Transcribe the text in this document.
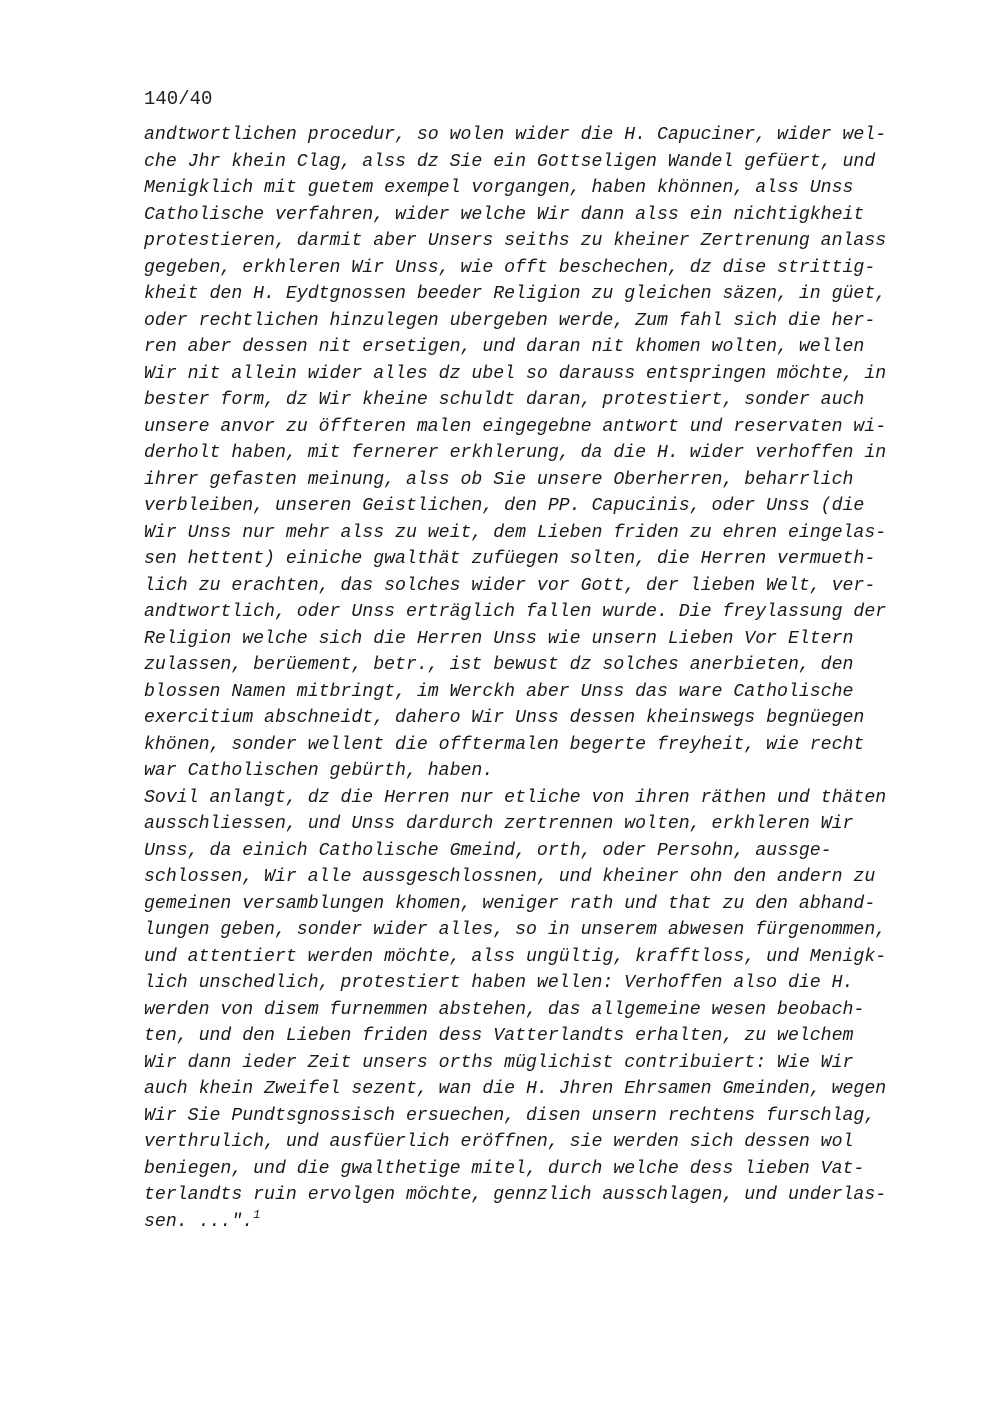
140/40
andtwortlichen procedur, so wolen wider die H. Capuciner, wider wel-
che Jhr khein Clag, alss dz Sie ein Gottseligen Wandel gefüert, und
Menigklich mit guetem exempel vorgangen, haben khönnen, alss Unss
Catholische verfahren, wider welche Wir dann alss ein nichtigkheit
protestieren, darmit aber Unsers seiths zu kheiner Zertrenung anlass
gegeben, erkhleren Wir Unss, wie offt beschechen, dz dise strittig-
kheit den H. Eydtgnossen beeder Religion zu gleichen säzen, in güet,
oder rechtlichen hinzulegen ubergeben werde, Zum fahl sich die her-
ren aber dessen nit ersetigen, und daran nit khomen wolten, wellen
Wir nit allein wider alles dz ubel so darauss entspringen möchte, in
bester form, dz Wir kheine schuldt daran, protestiert, sonder auch
unsere anvor zu öffteren malen eingegebne antwort und reservaten wi-
derholt haben, mit fernerer erkhlerung, da die H. wider verhoffen in
ihrer gefasten meinung, alss ob Sie unsere Oberherren, beharrlich
verbleiben, unseren Geistlichen, den PP. Capucinis, oder Unss (die
Wir Unss nur mehr alss zu weit, dem Lieben friden zu ehren eingelas-
sen hettent) einiche gwalthät zufüegen solten, die Herren vermueth-
lich zu erachten, das solches wider vor Gott, der lieben Welt, ver-
andtwortlich, oder Unss erträglich fallen wurde. Die freylassung der
Religion welche sich die Herren Unss wie unsern Lieben Vor Eltern
zulassen, berüement, betr., ist bewust dz solches anerbieten, den
blossen Namen mitbringt, im Werckh aber Unss das ware Catholische
exercitium abschneidt, dahero Wir Unss dessen kheinswegs begnüegen
khönen, sonder wellent die offtermalen begerte freyheit, wie recht
war Catholischen gebürth, haben.
Sovil anlangt, dz die Herren nur etliche von ihren räthen und thäten
ausschliessen, und Unss dardurch zertrennen wolten, erkhleren Wir
Unss, da einich Catholische Gmeind, orth, oder Persohn, aussge-
schlossen, Wir alle aussgeschlossnen, und kheiner ohn den andern zu
gemeinen versamblungen khomen, weniger rath und that zu den abhand-
lungen geben, sonder wider alles, so in unserem abwesen fürgenommen,
und attentiert werden möchte, alss ungültig, krafftloss, und Menigk-
lich unschedlich, protestiert haben wellen: Verhoffen also die H.
werden von disem furnemmen abstehen, das allgemeine wesen beobach-
ten, und den Lieben friden dess Vatterlandts erhalten, zu welchem
Wir dann ieder Zeit unsers orths müglichist contribuiert: Wie Wir
auch khein Zweifel sezent, wan die H. Jhren Ehrsamen Gmeinden, wegen
Wir Sie Pundtsgnossisch ersuechen, disen unsern rechtens furschlag,
verthrulich, und ausfüerlich eröffnen, sie werden sich dessen wol
beniegen, und die gwalthetige mitel, durch welche dess lieben Vat-
terlandts ruin ervolgen möchte, gennzlich ausschlagen, und underlas-
sen. ...".$^1$
